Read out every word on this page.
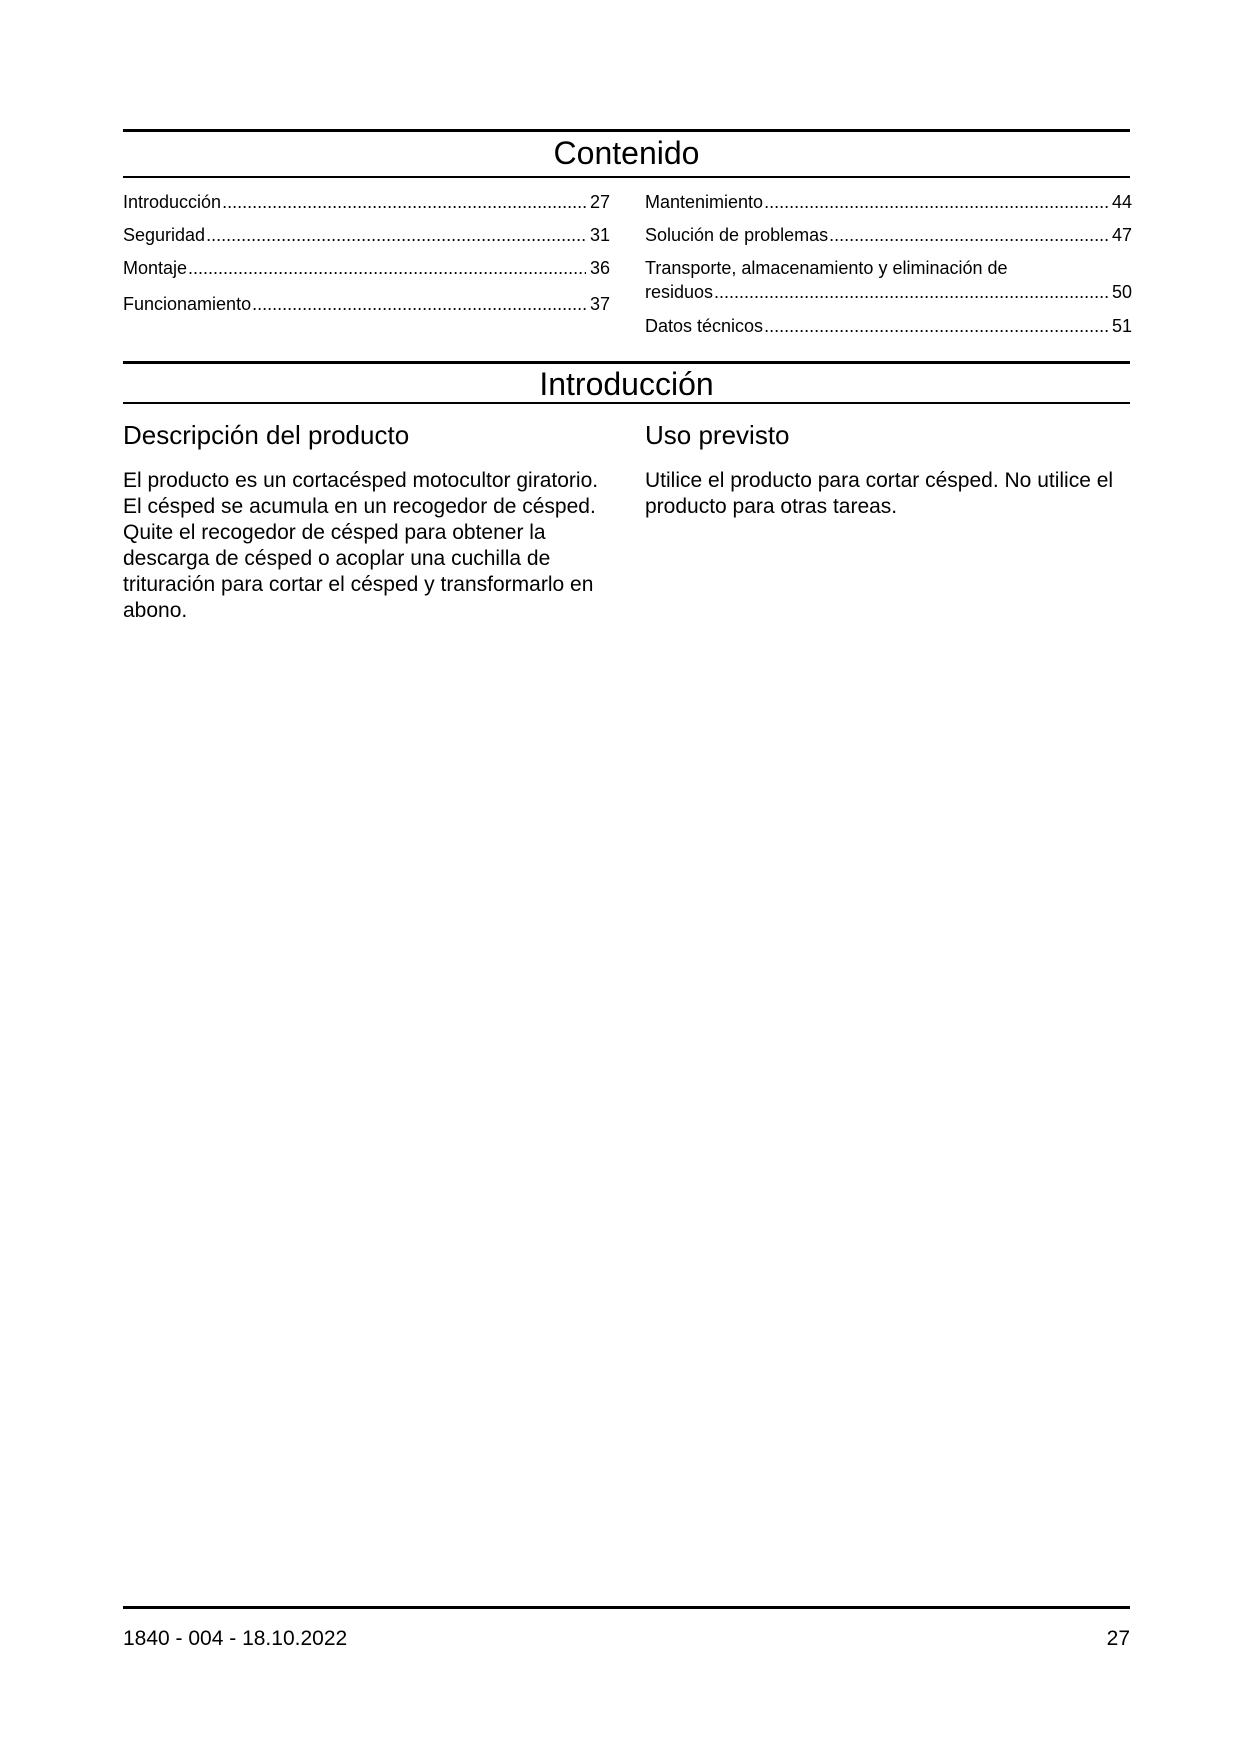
Contenido
Introducción .....	27
Seguridad .....	31
Montaje .....	36
Funcionamiento .....	37
Mantenimiento .....	44
Solución de problemas .....	47
Transporte, almacenamiento y eliminación de
residuos .....	50
Datos técnicos .....	51
Introducción
Descripción del producto
El producto es un cortacésped motocultor giratorio. El césped se acumula en un recogedor de césped. Quite el recogedor de césped para obtener la descarga de césped o acoplar una cuchilla de trituración para cortar el césped y transformarlo en abono.
Uso previsto
Utilice el producto para cortar césped. No utilice el producto para otras tareas.
1840 - 004 - 18.10.2022	27
